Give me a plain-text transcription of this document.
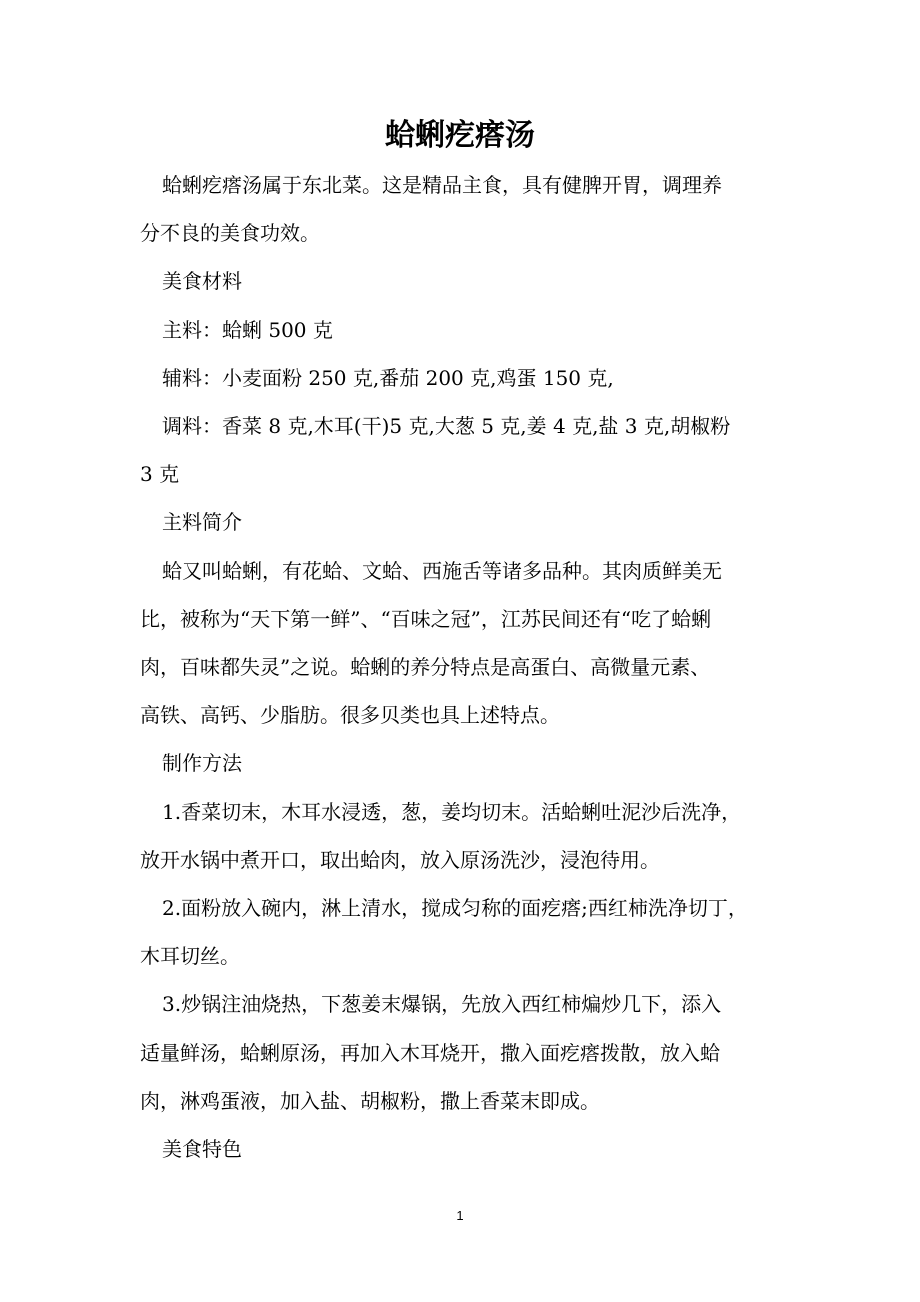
蛤蜊疙瘩汤

蛤蜊疙瘩汤属于东北菜。这是精品主食，具有健脾开胃，调理养

分不良的美食功效。

美食材料

主料：蛤蜊 500 克

辅料：小麦面粉 250 克,番茄 200 克,鸡蛋 150 克,

调料：香菜 8 克,木耳(干)5 克,大葱 5 克,姜 4 克,盐 3 克,胡椒粉

3 克

主料简介

蛤又叫蛤蜊，有花蛤、文蛤、西施舌等诸多品种。其肉质鲜美无

比，被称为“天下第一鲜”、“百味之冠”，江苏民间还有“吃了蛤蜊

肉，百味都失灵”之说。蛤蜊的养分特点是高蛋白、高微量元素、

高铁、高钙、少脂肪。很多贝类也具上述特点。

制作方法

1.香菜切末，木耳水浸透，葱，姜均切末。活蛤蜊吐泥沙后洗净，

放开水锅中煮开口，取出蛤肉，放入原汤洗沙，浸泡待用。

2.面粉放入碗内，淋上清水，搅成匀称的面疙瘩;西红柿洗净切丁，

木耳切丝。

3.炒锅注油烧热，下葱姜末爆锅，先放入西红柿煸炒几下，添入

适量鲜汤，蛤蜊原汤，再加入木耳烧开，撒入面疙瘩拨散，放入蛤

肉，淋鸡蛋液，加入盐、胡椒粉，撒上香菜末即成。

美食特色

1
